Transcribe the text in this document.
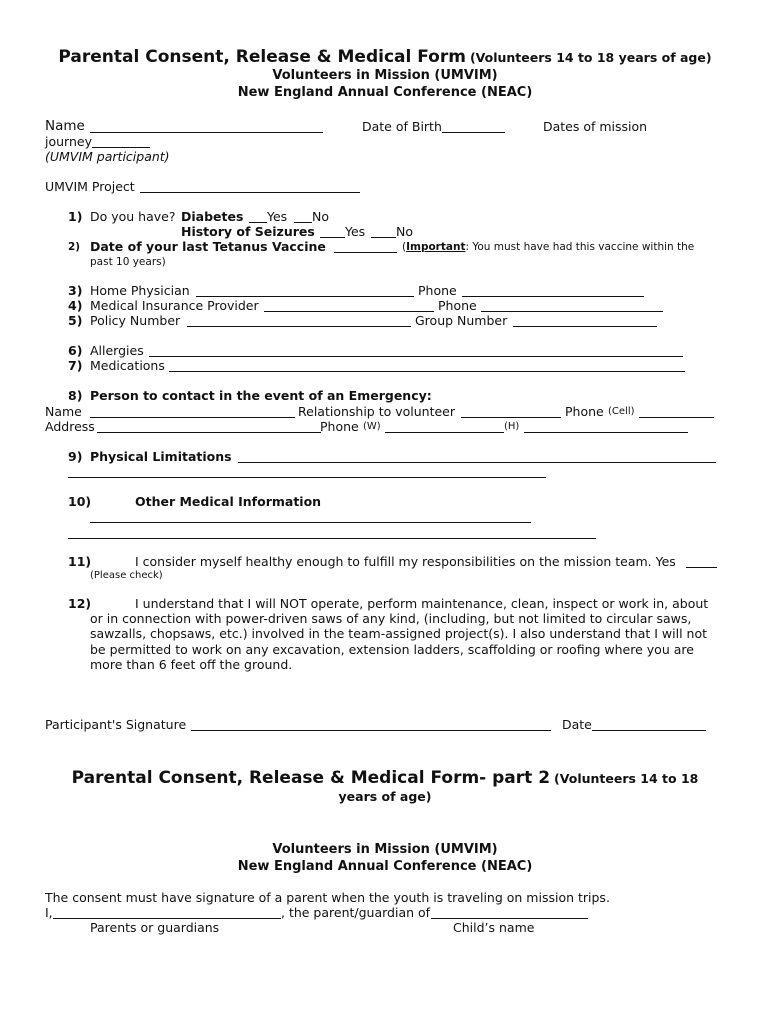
Parental Consent, Release & Medical Form (Volunteers 14 to 18 years of age)
Volunteers in Mission (UMVIM)
New England Annual Conference (NEAC)
Name	Date of Birth	Dates of mission
journey
(UMVIM participant)
UMVIM Project
1) Do you have? Diabetes Yes No
History of Seizures Yes No
2) Date of your last Tetanus Vaccine	(Important: You must have had this vaccine within the
past 10 years)
3) Home Physician	Phone
4) Medical Insurance Provider	Phone
5) Policy Number	Group Number
6) Allergies
7) Medications
8) Person to contact in the event of an Emergency:
Name	Relationship to volunteer	Phone (Cell)
Address	Phone (W)	(H)
9) Physical Limitations
10)	Other Medical Information
11)	I consider myself healthy enough to fulfill my responsibilities on the mission team. Yes
(Please check)
12)	I understand that I will NOT operate, perform maintenance, clean, inspect or work in, about
or in connection with power-driven saws of any kind, (including, but not limited to circular saws,
sawzalls, chopsaws, etc.) involved in the team-assigned project(s). I also understand that I will not
be permitted to work on any excavation, extension ladders, scaffolding or roofing where you are
more than 6 feet off the ground.
Participant's Signature	Date
Parental Consent, Release & Medical Form- part 2 (Volunteers 14 to 18
years of age)
Volunteers in Mission (UMVIM)
New England Annual Conference (NEAC)
The consent must have signature of a parent when the youth is traveling on mission trips.
I,	, the parent/guardian of
Parents or guardians	Child’s name
